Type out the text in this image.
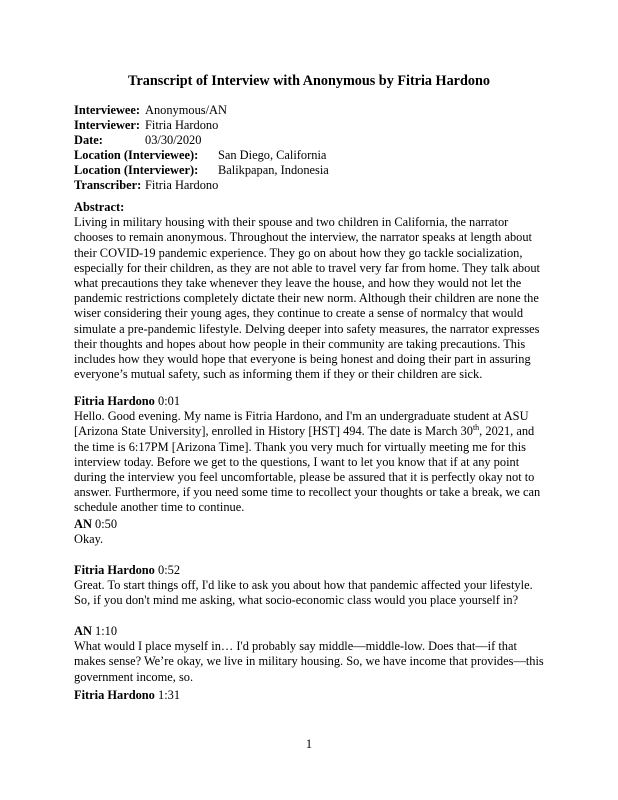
Transcript of Interview with Anonymous by Fitria Hardono
Interviewee: Anonymous/AN
Interviewer: Fitria Hardono
Date:	03/30/2020
Location (Interviewee): San Diego, California
Location (Interviewer): Balikpapan, Indonesia
Transcriber: Fitria Hardono
Abstract:

Living in military housing with their spouse and two children in California, the narrator chooses to remain anonymous. Throughout the interview, the narrator speaks at length about their COVID-19 pandemic experience. They go on about how they go tackle socialization, especially for their children, as they are not able to travel very far from home. They talk about what precautions they take whenever they leave the house, and how they would not let the pandemic restrictions completely dictate their new norm. Although their children are none the wiser considering their young ages, they continue to create a sense of normalcy that would simulate a pre-pandemic lifestyle. Delving deeper into safety measures, the narrator expresses their thoughts and hopes about how people in their community are taking precautions. This includes how they would hope that everyone is being honest and doing their part in assuring everyone’s mutual safety, such as informing them if they or their children are sick.

Fitria Hardono 0:01

Hello. Good evening. My name is Fitria Hardono, and I'm an undergraduate student at ASU [Arizona State University], enrolled in History [HST] 494. The date is March 30th, 2021, and the time is 6:17PM [Arizona Time]. Thank you very much for virtually meeting me for this interview today. Before we get to the questions, I want to let you know that if at any point during the interview you feel uncomfortable, please be assured that it is perfectly okay not to answer. Furthermore, if you need some time to recollect your thoughts or take a break, we can schedule another time to continue.

AN 0:50

Okay.

Fitria Hardono 0:52

Great. To start things off, I'd like to ask you about how that pandemic affected your lifestyle. So, if you don't mind me asking, what socio-economic class would you place yourself in?

AN 1:10

What would I place myself in… I'd probably say middle—middle-low. Does that—if that makes sense? We’re okay, we live in military housing. So, we have income that provides—this government income, so.

Fitria Hardono 1:31
1
